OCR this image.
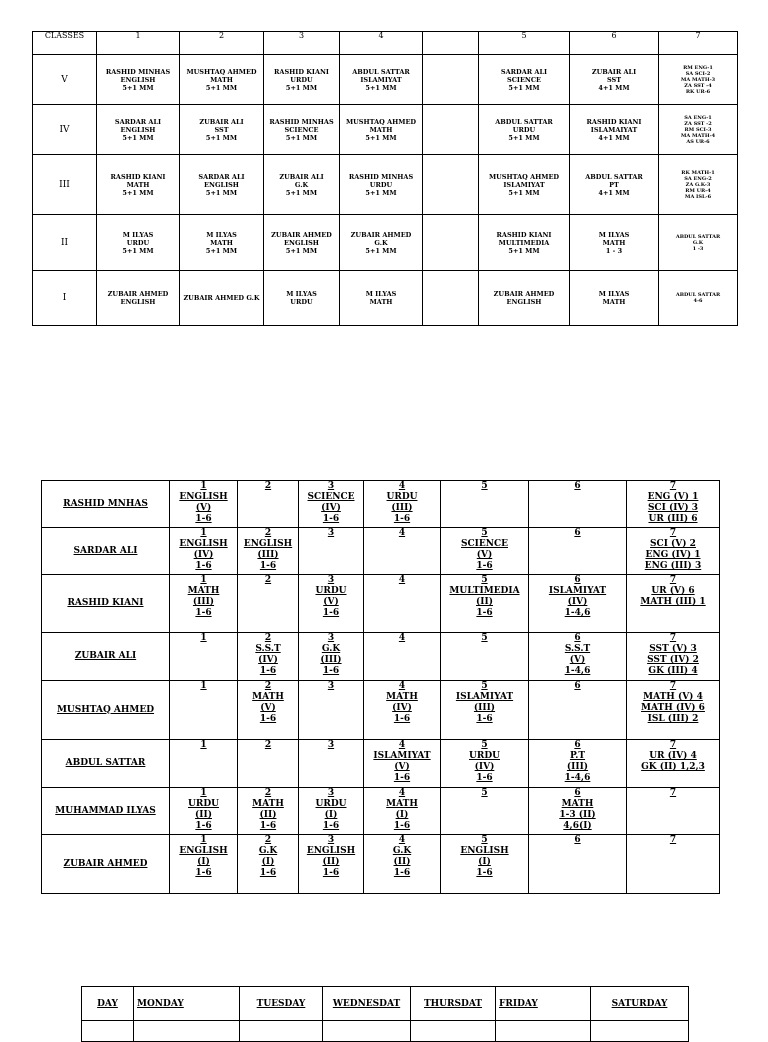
CLASSES	1	2	3	4		5	6	7
V	RASHID MINHAS
ENGLISH
5+1 MM	MUSHTAQ AHMED
MATH
5+1 MM	RASHID KIANI
URDU
5+1 MM	ABDUL SATTAR
ISLAMIYAT
5+1 MM		SARDAR ALI
SCIENCE
5+1 MM	ZUBAIR ALI
SST
4+1 MM	RM ENG-1
SA SCI-2
MA MATH-3
ZA SST -4
RK UR-6

IV	SARDAR ALI
ENGLISH
5+1 MM	ZUBAIR ALI
SST
5+1 MM	RASHID MINHAS
SCIENCE
5+1 MM	MUSHTAQ AHMED
MATH
5+1 MM		ABDUL SATTAR
URDU
5+1 MM	RASHID KIANI
ISLAMAIYAT
4+1 MM	SA ENG-1
ZA SST -2
RM SCI-3
MA MATH-4
AS UR-6

III	RASHID KIANI
MATH
5+1 MM	SARDAR ALI
ENGLISH
5+1 MM	ZUBAIR ALI
G.K
5+1 MM	RASHID MINHAS
URDU
5+1 MM		MUSHTAQ AHMED
ISLAMIYAT
5+1 MM	ABDUL SATTAR
PT
4+1 MM	RK MATH-1
SA ENG-2
ZA G.K-3
RM UR-4
MA ISL-6

II	M ILYAS
URDU
5+1 MM	M ILYAS
MATH
5+1 MM	ZUBAIR AHMED
ENGLISH
5+1 MM	ZUBAIR AHMED
G.K
5+1 MM		RASHID KIANI
MULTIMEDIA
5+1 MM	M ILYAS
MATH
1 - 3	ABDUL SATTAR
G.K
1 -3

I	ZUBAIR AHMED
ENGLISH	ZUBAIR AHMED G.K	M ILYAS
URDU	M ILYAS
MATH		ZUBAIR AHMED
ENGLISH	M ILYAS
MATH	ABDUL SATTAR
4-6
RASHID MNHAS	1
ENGLISH
(V)
1-6	2	3
SCIENCE
(IV)
1-6	4
URDU
(III)
1-6	5	6	7
ENG (V) 1
SCI (IV) 3
UR (III) 6

SARDAR ALI	1
ENGLISH
(IV)
1-6	2
ENGLISH
(III)
1-6	3	4	5
SCIENCE
(V)
1-6	6	7
SCI (V) 2
ENG (IV) 1
ENG (III) 3

RASHID KIANI	1
MATH
(III)
1-6	2	3
URDU
(V)
1-6	4	5
MULTIMEDIA
(II)
1-6	6
ISLAMIYAT
(IV)
1-4,6	7
UR (V) 6
MATH (III) 1

ZUBAIR ALI	1	2
S.S.T
(IV)
1-6	3
G.K
(III)
1-6	4	5	6
S.S.T
(V)
1-4,6	7
SST (V) 3
SST (IV) 2
GK (III) 4

MUSHTAQ AHMED	1	2
MATH
(V)
1-6	3	4
MATH
(IV)
1-6	5
ISLAMIYAT
(III)
1-6	6	7
MATH (V) 4
MATH (IV) 6
ISL (III) 2

ABDUL SATTAR	1	2	3	4
ISLAMIYAT
(V)
1-6	5
URDU
(IV)
1-6	6
P.T
(III)
1-4,6	7
UR (IV) 4
GK (II) 1,2,3

MUHAMMAD ILYAS	1
URDU
(II)
1-6	2
MATH
(II)
1-6	3
URDU
(I)
1-6	4
MATH
(I)
1-6	5	6
MATH
1-3 (II)
4,6(I)	7

ZUBAIR AHMED	1
ENGLISH
(I)
1-6	2
G.K
(I)
1-6	3
ENGLISH
(II)
1-6	4
G.K
(II)
1-6	5
ENGLISH
(I)
1-6	6	7
DAY	MONDAY	TUESDAY	WEDNESDAT	THURSDAT	FRIDAY	SATURDAY
